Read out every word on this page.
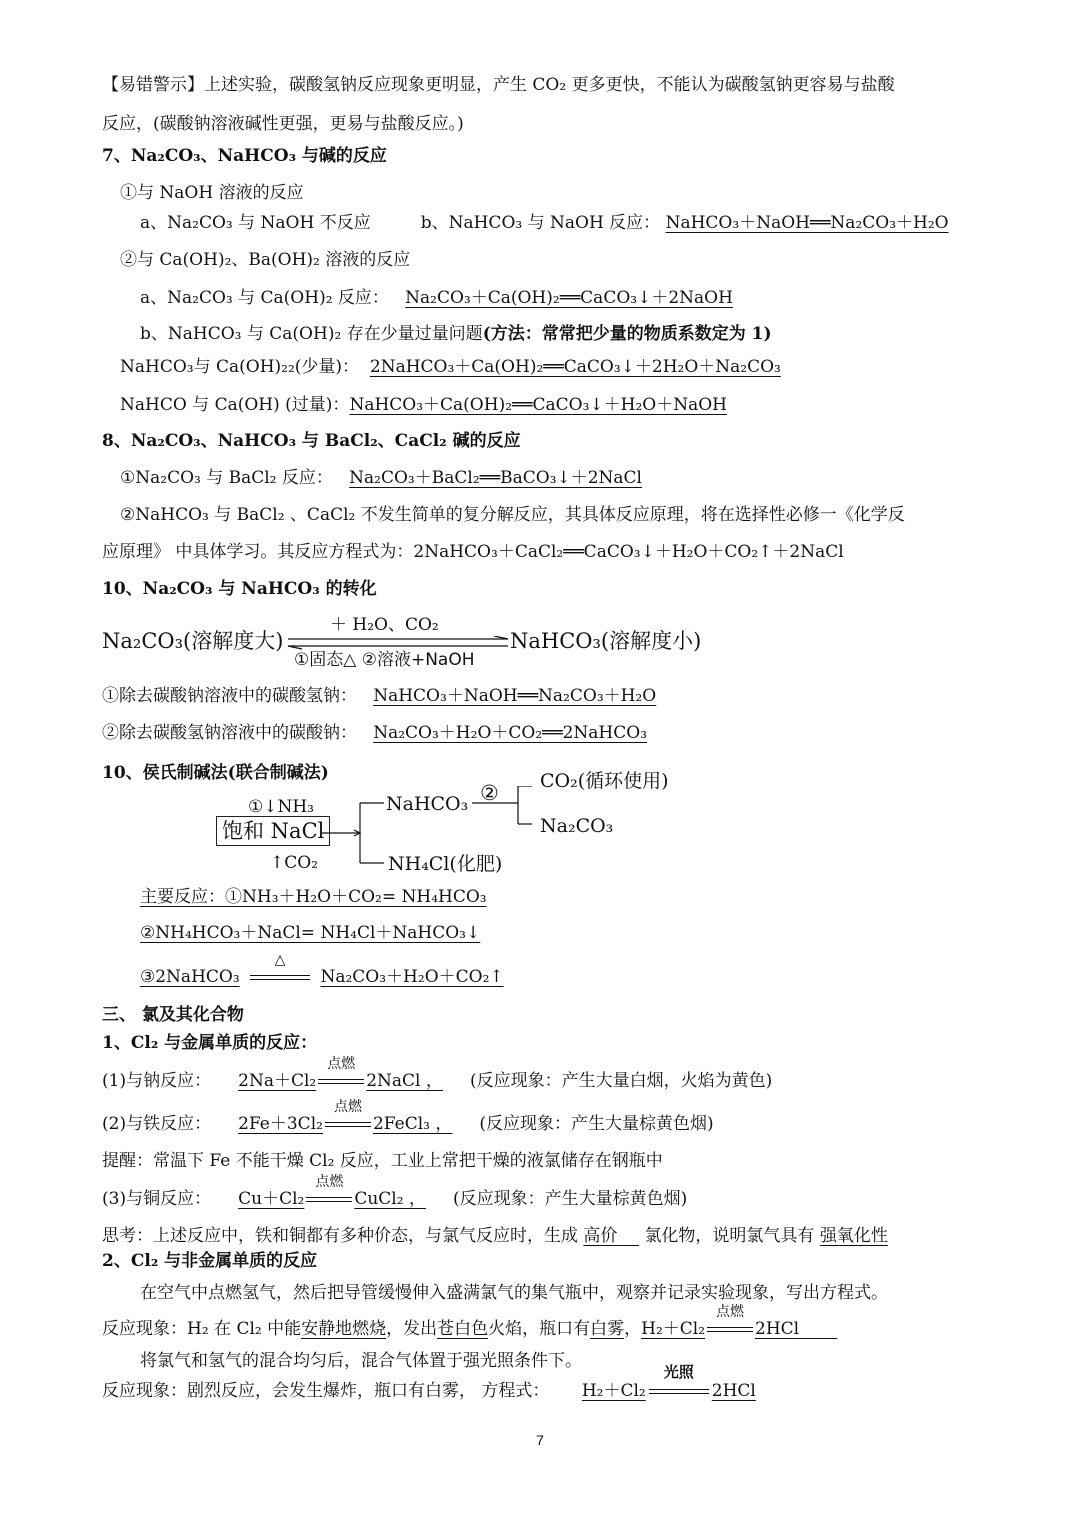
【易错警示】上述实验，碳酸氢钠反应现象更明显，产生 CO₂ 更多更快，不能认为碳酸氢钠更容易与盐酸
反应，(碳酸钠溶液碱性更强，更易与盐酸反应。)
7、Na₂CO₃、NaHCO₃ 与碱的反应
①与 NaOH 溶液的反应
a、Na₂CO₃ 与 NaOH 不反应	b、NaHCO₃ 与 NaOH 反应： NaHCO₃＋NaOH══Na₂CO₃＋H₂O
②与 Ca(OH)₂、Ba(OH)₂ 溶液的反应
a、Na₂CO₃ 与 Ca(OH)₂ 反应： Na₂CO₃＋Ca(OH)₂══CaCO₃↓＋2NaOH
b、NaHCO₃ 与 Ca(OH)₂ 存在少量过量问题(方法：常常把少量的物质系数定为 1)
NaHCO₃与 Ca(OH)₂₂(少量)： 2NaHCO₃＋Ca(OH)₂══CaCO₃↓＋2H₂O＋Na₂CO₃
NaHCO 与 Ca(OH) (过量)：NaHCO₃＋Ca(OH)₂══CaCO₃↓＋H₂O＋NaOH
8、Na₂CO₃、NaHCO₃ 与 BaCl₂、CaCl₂ 碱的反应
①Na₂CO₃ 与 BaCl₂ 反应： Na₂CO₃＋BaCl₂══BaCO₃↓＋2NaCl
②NaHCO₃ 与 BaCl₂ 、CaCl₂ 不发生简单的复分解反应，其具体反应原理，将在选择性必修一《化学反
应原理》 中具体学习。其反应方程式为：2NaHCO₃＋CaCl₂══CaCO₃↓＋H₂O＋CO₂↑＋2NaCl
10、Na₂CO₃ 与 NaHCO₃ 的转化
Na₂CO₃(溶解度大)
＋ H₂O、CO₂
①固态△ ②溶液+NaOH
NaHCO₃(溶解度小)
①除去碳酸钠溶液中的碳酸氢钠： NaHCO₃＋NaOH══Na₂CO₃＋H₂O
②除去碳酸氢钠溶液中的碳酸钠： Na₂CO₃＋H₂O＋CO₂══2NaHCO₃
10、侯氏制碱法(联合制碱法)
①↓NH₃
饱和 NaCl
↑CO₂
NaHCO₃ ② CO₂(循环使用)
Na₂CO₃
NH₄Cl(化肥)
主要反应：①NH₃＋H₂O＋CO₂= NH₄HCO₃
②NH₄HCO₃＋NaCl= NH₄Cl＋NaHCO₃↓
③2NaHCO₃
△
Na₂CO₃＋H₂O＋CO₂↑
三、 氯及其化合物
1、Cl₂ 与金属单质的反应：
(1)与钠反应： 2Na＋Cl₂
点燃
2NaCl ， (反应现象：产生大量白烟，火焰为黄色)
(2)与铁反应： 2Fe＋3Cl₂
点燃
2FeCl₃ ， (反应现象：产生大量棕黄色烟)
提醒：常温下 Fe 不能干燥 Cl₂ 反应，工业上常把干燥的液氯储存在钢瓶中
(3)与铜反应： Cu＋Cl₂
点燃
CuCl₂ ， (反应现象：产生大量棕黄色烟)
思考：上述反应中，铁和铜都有多种价态，与氯气反应时，生成 高价 氯化物，说明氯气具有 强氧化性
2、Cl₂ 与非金属单质的反应
在空气中点燃氢气，然后把导管缓慢伸入盛满氯气的集气瓶中，观察并记录实验现象，写出方程式。
反应现象：H₂ 在 Cl₂ 中能安静地燃烧，发出苍白色火焰，瓶口有白雾，H₂＋Cl₂
点燃
2HCl
将氯气和氢气的混合均匀后，混合气体置于强光照条件下。
反应现象：剧烈反应，会发生爆炸，瓶口有白雾， 方程式： H₂＋Cl₂
光照
2HCl
7
